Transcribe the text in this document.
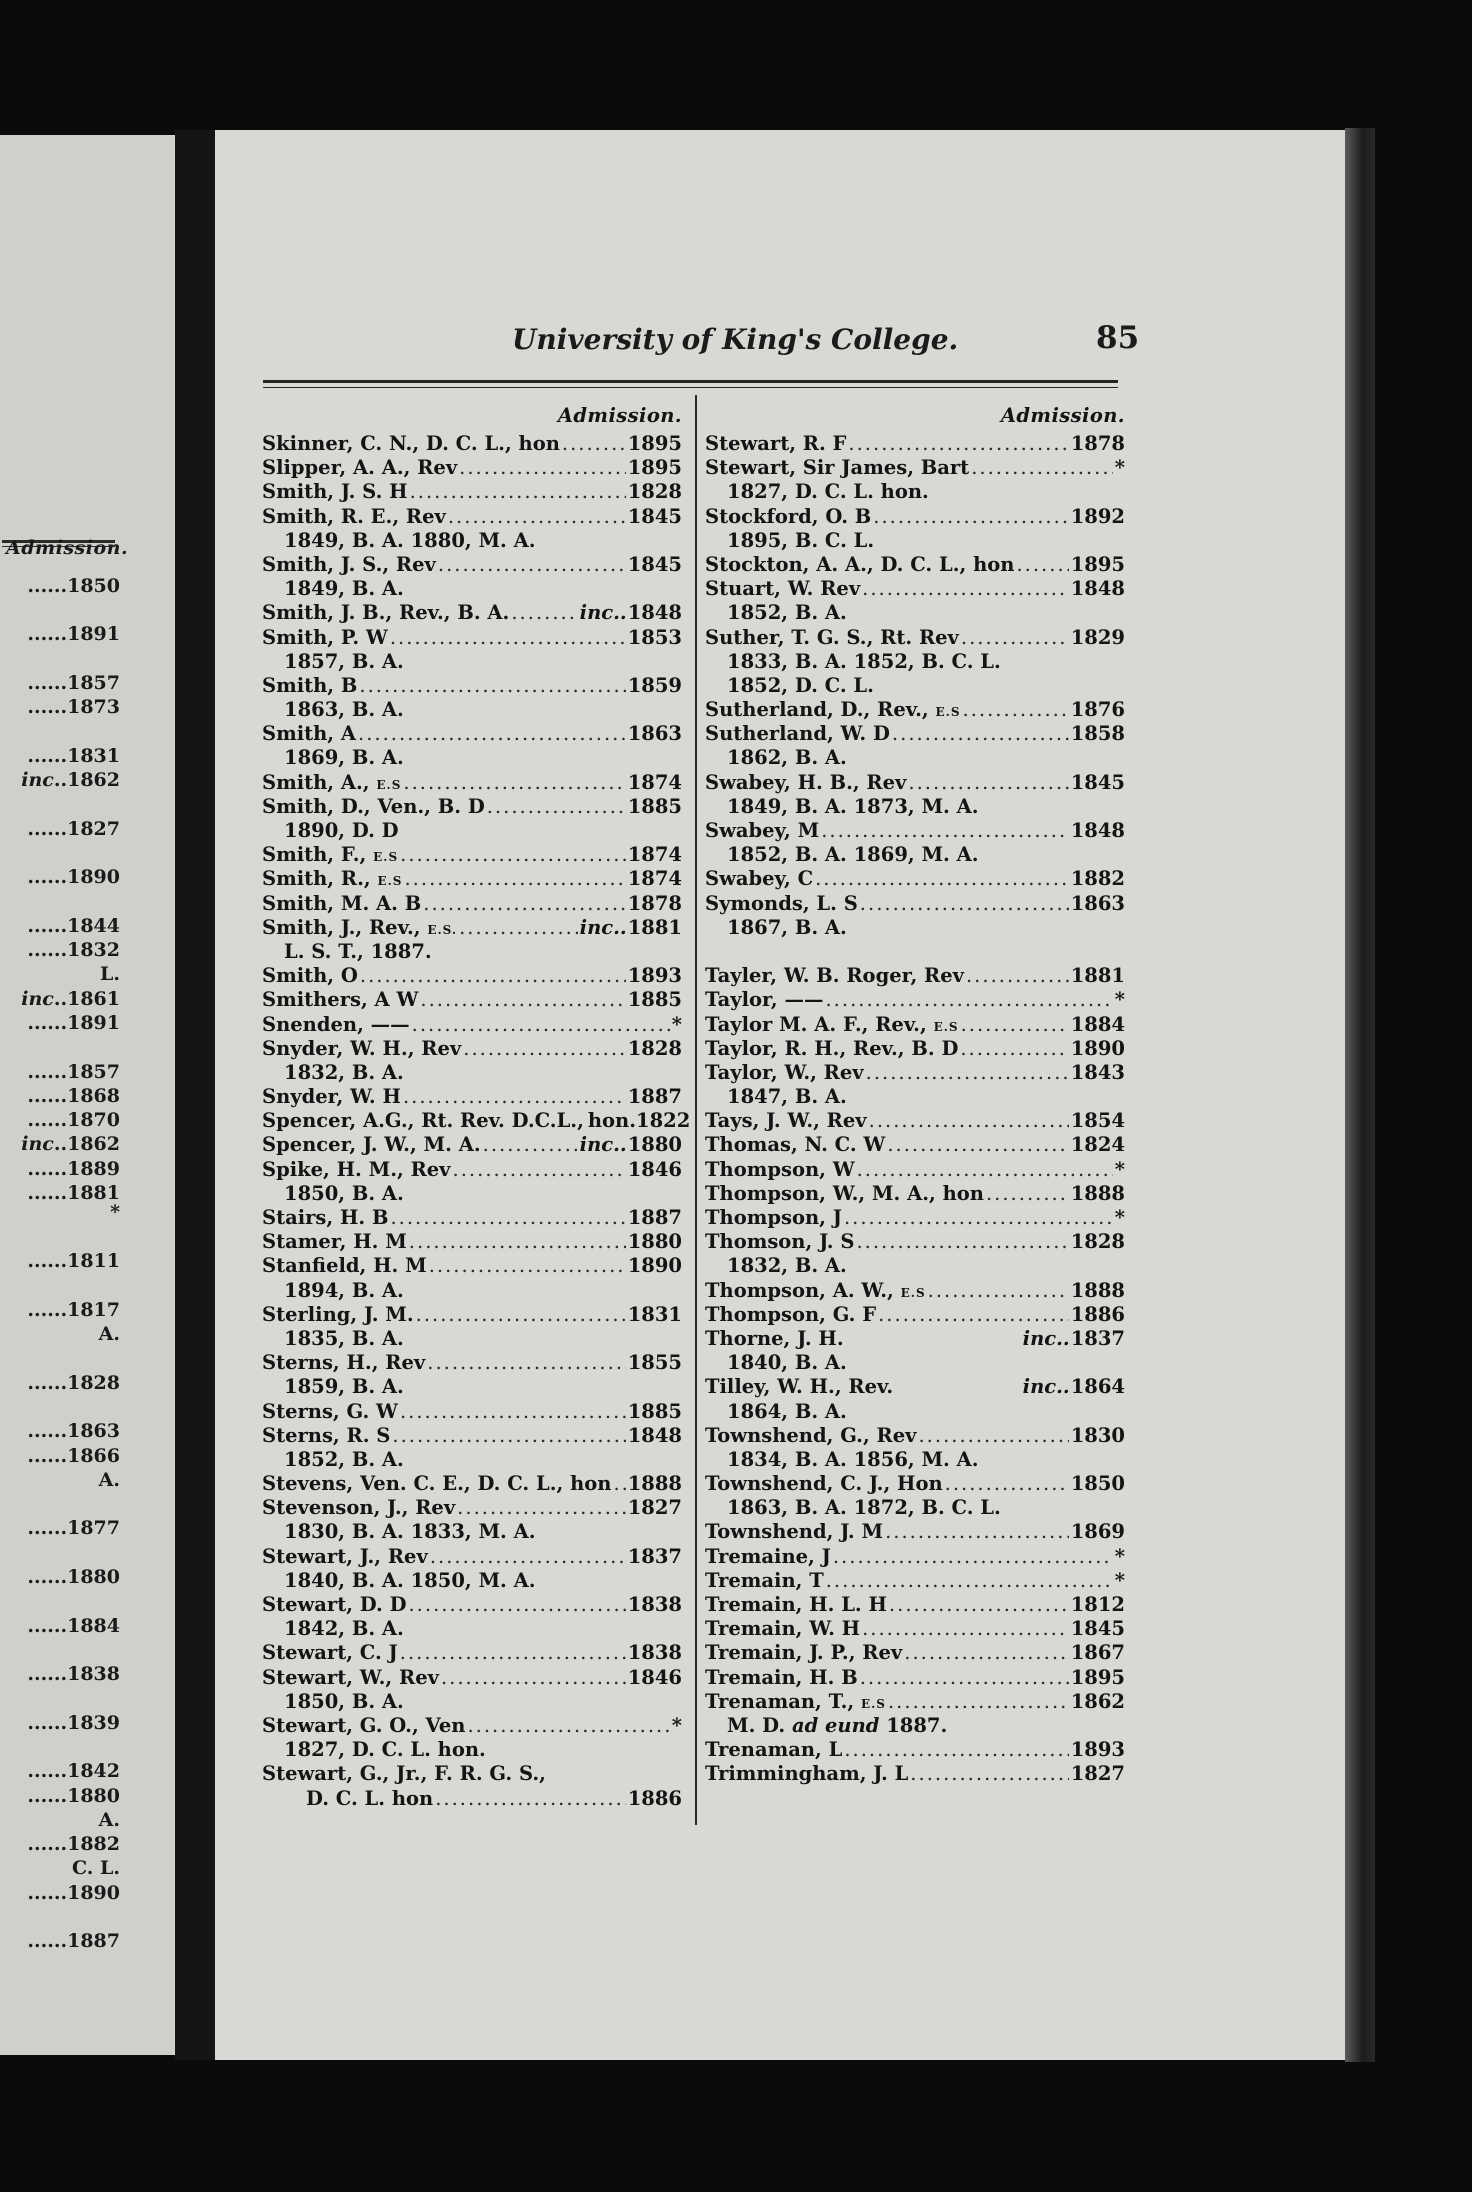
Admission.
......1850
......1891
......1857
......1873
......1831
inc..1862
......1827
......1890
......1844
......1832
L.
inc..1861
......1891
......1857
......1868
......1870
inc..1862
......1889
......1881
*
......1811
......1817
A.
......1828
......1863
......1866
A.
......1877
......1880
......1884
......1838
......1839
......1842
......1880
A.
......1882
C. L.
......1890
......1887
University of King's College.	85
Admission.
Skinner, C. N., D. C. L., hon .....	1895
Slipper, A. A., Rev .....	1895
Smith, J. S. H .....	1828
Smith, R. E., Rev .....	1845
1849, B. A. 1880, M. A.
Smith, J. S., Rev .....	1845
1849, B. A.
Smith, J. B., Rev., B. A. .....	inc.. 1848
Smith, P. W .....	1853
1857, B. A.
Smith, B .....	1859
1863, B. A.
Smith, A .....	1863
1869, B. A.
Smith, A., E.S .....	1874
Smith, D., Ven., B. D .....	1885
1890, D. D
Smith, F., E.S .....	1874
Smith, R., E.S .....	1874
Smith, M. A. B .....	1878
Smith, J., Rev., E.S. .....	inc.. 1881
L. S. T., 1887.
Smith, O .....	1893
Smithers, A W .....	1885
Snenden, —— .....	*
Snyder, W. H., Rev .....	1828
1832, B. A.
Snyder, W. H .....	1887
Spencer, A.G., Rt. Rev. D.C.L., hon.1822
Spencer, J. W., M. A. .....	inc.. 1880
Spike, H. M., Rev .....	1846
1850, B. A.
Stairs, H. B .....	1887
Stamer, H. M .....	1880
Stanfield, H. M .....	1890
1894, B. A.
Sterling, J. M. .....	1831
1835, B. A.
Sterns, H., Rev .....	1855
1859, B. A.
Sterns, G. W .....	1885
Sterns, R. S .....	1848
1852, B. A.
Stevens, Ven. C. E., D. C. L., hon ..... 1888
Stevenson, J., Rev .....	1827
1830, B. A. 1833, M. A.
Stewart, J., Rev .....	1837
1840, B. A. 1850, M. A.
Stewart, D. D .....	1838
1842, B. A.
Stewart, C. J .....	1838
Stewart, W., Rev .....	1846
1850, B. A.
Stewart, G. O., Ven .....	*
1827, D. C. L. hon.
Stewart, G., Jr., F. R. G. S.,
D. C. L. hon .....	1886
Admission.
Stewart, R. F .....	1878
Stewart, Sir James, Bart .....	*
1827, D. C. L. hon.
Stockford, O. B .....	1892
1895, B. C. L.
Stockton, A. A., D. C. L., hon .....	1895
Stuart, W. Rev .....	1848
1852, B. A.
Suther, T. G. S., Rt. Rev .....	1829
1833, B. A. 1852, B. C. L.
1852, D. C. L.
Sutherland, D., Rev., E.S .....	1876
Sutherland, W. D .....	1858
1862, B. A.
Swabey, H. B., Rev .....	1845
1849, B. A. 1873, M. A.
Swabey, M .....	1848
1852, B. A. 1869, M. A.
Swabey, C .....	1882
Symonds, L. S .....	1863
1867, B. A.
Tayler, W. B. Roger, Rev .....	1881
Taylor, —— .....	*
Taylor M. A. F., Rev., E.S .....	1884
Taylor, R. H., Rev., B. D .....	1890
Taylor, W., Rev .....	1843
1847, B. A.
Tays, J. W., Rev .....	1854
Thomas, N. C. W .....	1824
Thompson, W .....	*
Thompson, W., M. A., hon .....	1888
Thompson, J .....	*
Thomson, J. S .....	1828
1832, B. A.
Thompson, A. W., E.S .....	1888
Thompson, G. F .....	1886
Thorne, J. H.	inc.. 1837
1840, B. A.
Tilley, W. H., Rev.	inc.. 1864
1864, B. A.
Townshend, G., Rev .....	1830
1834, B. A. 1856, M. A.
Townshend, C. J., Hon .....	1850
1863, B. A. 1872, B. C. L.
Townshend, J. M .....	1869
Tremaine, J .....	*
Tremain, T .....	*
Tremain, H. L. H .....	1812
Tremain, W. H .....	1845
Tremain, J. P., Rev .....	1867
Tremain, H. B .....	1895
Trenaman, T., E.S .....	1862
M. D. ad eund 1887.
Trenaman, L .....	1893
Trimmingham, J. L .....	1827
